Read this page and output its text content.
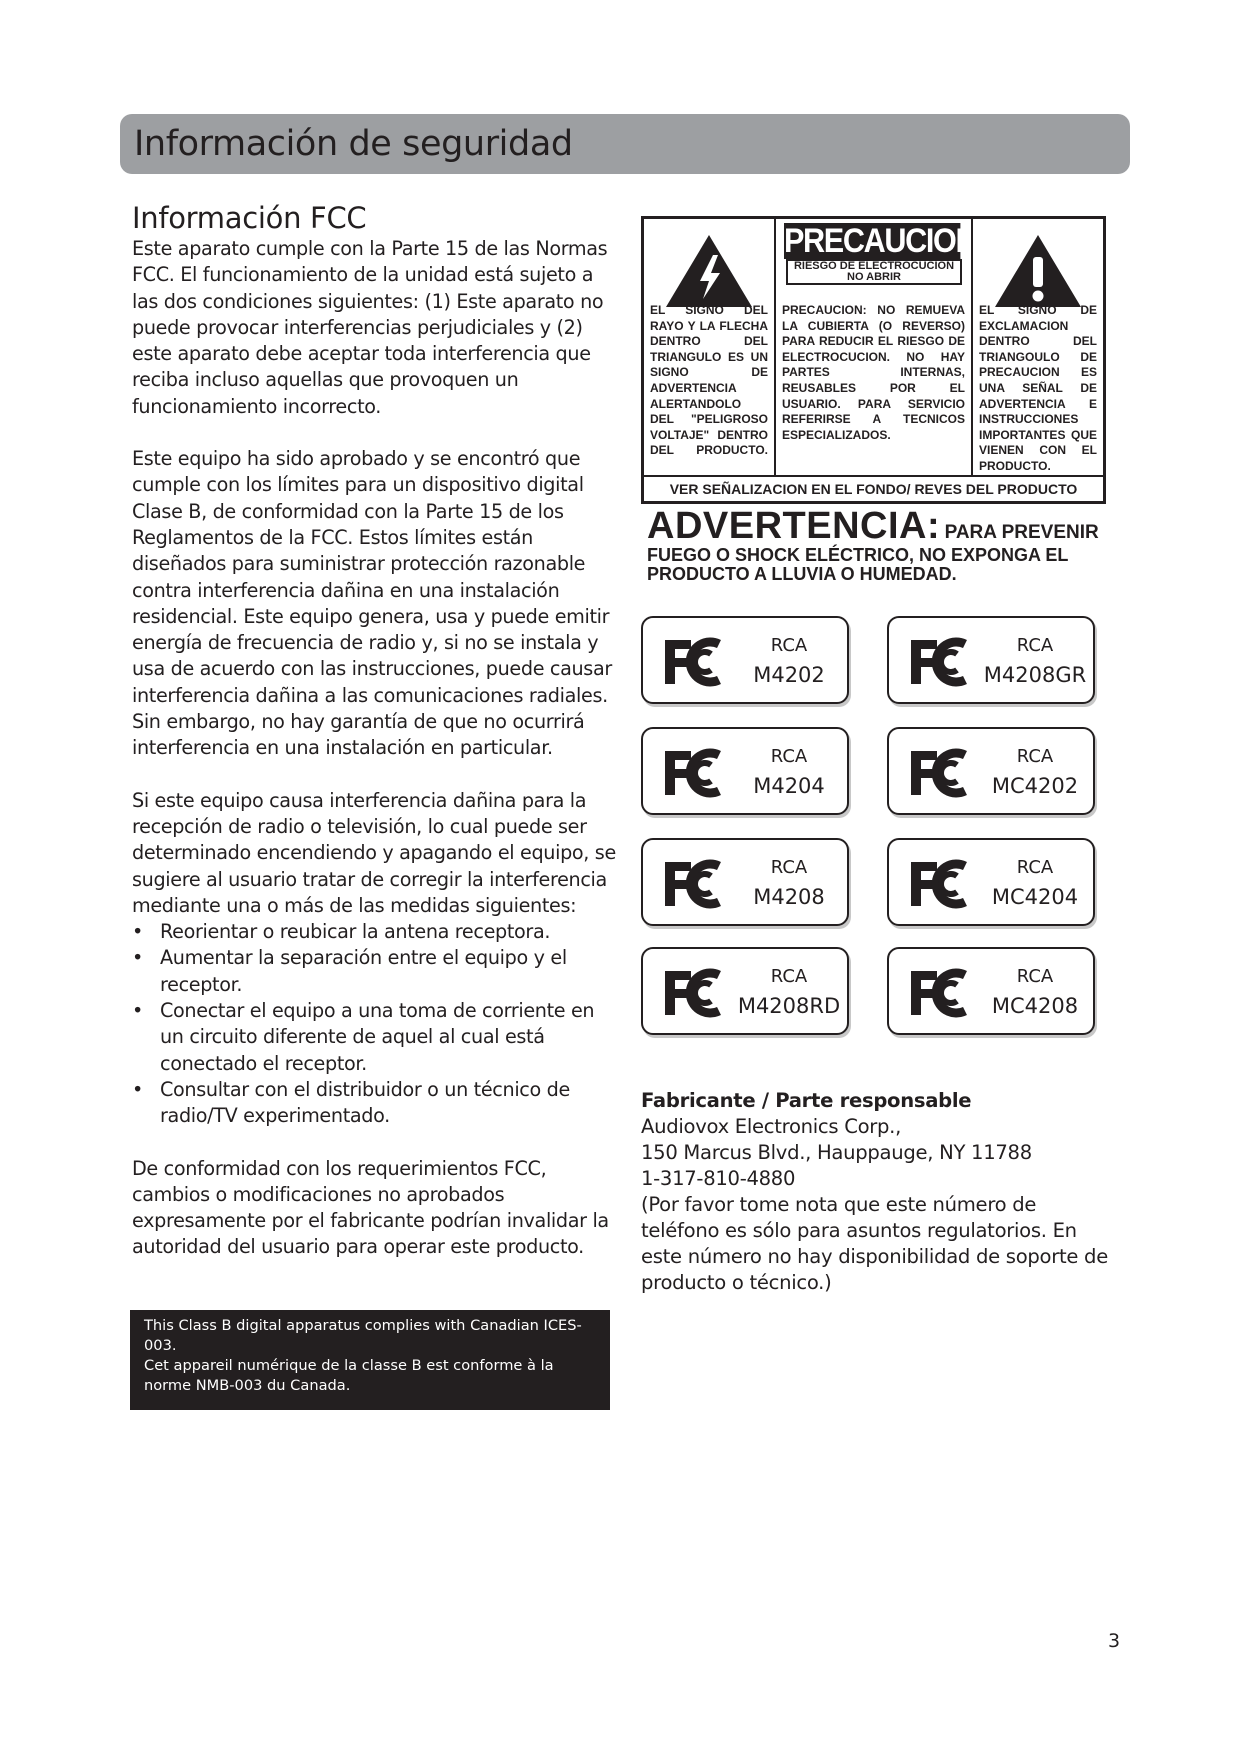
Información de seguridad
Información FCC

Este aparato cumple con la Parte 15 de las Normas FCC. El funcionamiento de la unidad está sujeto a las dos condiciones siguientes: (1) Este aparato no puede provocar interferencias perjudiciales y (2) este aparato debe aceptar toda interferencia que reciba incluso aquellas que provoquen un funcionamiento incorrecto.

Este equipo ha sido aprobado y se encontró que cumple con los límites para un dispositivo digital Clase B, de conformidad con la Parte 15 de los Reglamentos de la FCC. Estos límites están diseñados para suministrar protección razonable contra interferencia dañina en una instalación residencial. Este equipo genera, usa y puede emitir energía de frecuencia de radio y, si no se instala y usa de acuerdo con las instrucciones, puede causar interferencia dañina a las comunicaciones radiales. Sin embargo, no hay garantía de que no ocurrirá interferencia en una instalación en particular.

Si este equipo causa interferencia dañina para la recepción de radio o televisión, lo cual puede ser determinado encendiendo y apagando el equipo, se sugiere al usuario tratar de corregir la interferencia mediante una o más de las medidas siguientes:

• Reorientar o reubicar la antena receptora.
• Aumentar la separación entre el equipo y el receptor.
• Conectar el equipo a una toma de corriente en un circuito diferente de aquel al cual está conectado el receptor.
• Consultar con el distribuidor o un técnico de radio/TV experimentado.

De conformidad con los requerimientos FCC, cambios o modificaciones no aprobados expresamente por el fabricante podrían invalidar la autoridad del usuario para operar este producto.

This Class B digital apparatus complies with Canadian ICES-003.

Cet appareil numérique de la classe B est conforme à la norme NMB-003 du Canada.

EL SIGNO DEL RAYO Y LA FLECHA DENTRO DEL TRIANGULO ES UN SIGNO DE ADVERTENCIA ALERTANDOLO DEL "PELIGROSO VOLTAJE" DENTRO DEL PRODUCTO.
PRECAUCION
RIESGO DE ELECTROCUCION
NO ABRIR
PRECAUCION: NO REMUEVA LA CUBIERTA (O REVERSO) PARA REDUCIR EL RIESGO DE ELECTROCUCION. NO HAY PARTES INTERNAS, REUSABLES POR EL USUARIO. PARA SERVICIO REFERIRSE A TECNICOS ESPECIALIZADOS.
EL SIGNO DE EXCLAMACION DENTRO DEL TRIANGOULO DE PRECAUCION ES UNA SEÑAL DE ADVERTENCIA E INSTRUCCIONES IMPORTANTES QUE VIENEN CON EL PRODUCTO.
VER SEÑALIZACION EN EL FONDO/ REVES DEL PRODUCTO
ADVERTENCIA: PARA PREVENIR
FUEGO O SHOCK ELÉCTRICO, NO EXPONGA EL
PRODUCTO A LLUVIA O HUMEDAD.
RCA
M4202
RCA
M4208GR
RCA
M4204
RCA
MC4202
RCA
M4208
RCA
MC4204
RCA
M4208RD
RCA
MC4208

Fabricante / Parte responsable

Audiovox Electronics Corp.,

150 Marcus Blvd., Hauppauge, NY 11788

1-317-810-4880

(Por favor tome nota que este número de teléfono es sólo para asuntos regulatorios. En este número no hay disponibilidad de soporte de producto o técnico.)

3
